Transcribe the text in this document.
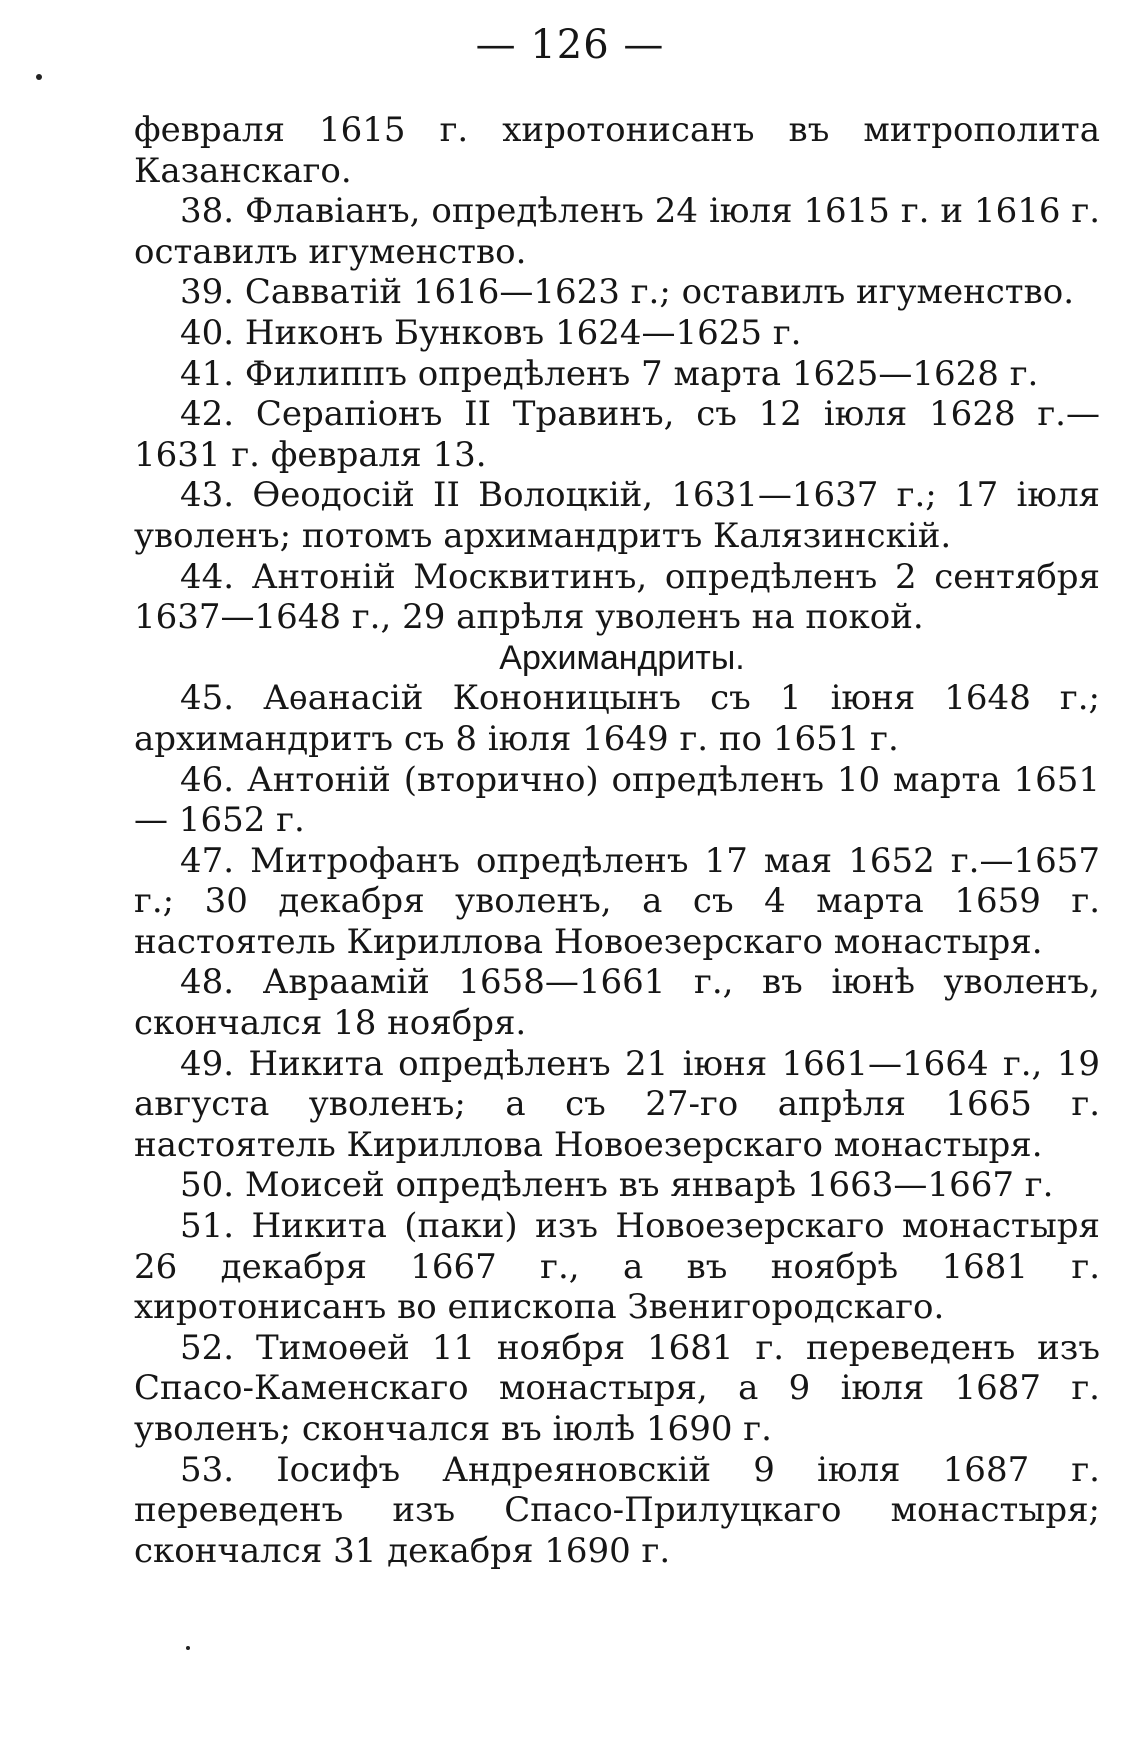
— 126 —

февраля 1615 г. хиротонисанъ въ митрополита Казанскаго.

38. Флавіанъ, опредѣленъ 24 іюля 1615 г. и 1616 г. оставилъ игуменство.

39. Савватій 1616—1623 г.; оставилъ игуменство.

40. Никонъ Бунковъ 1624—1625 г.

41. Филиппъ опредѣленъ 7 марта 1625—1628 г.

42. Серапіонъ II Травинъ, съ 12 іюля 1628 г.— 1631 г. февраля 13.

43. Ѳеодосій II Волоцкій, 1631—1637 г.; 17 іюля уволенъ; потомъ архимандритъ Калязинскій.

44. Антоній Москвитинъ, опредѣленъ 2 сентября 1637—1648 г., 29 апрѣля уволенъ на покой.

Архимандриты.

45. Аѳанасій Кононицынъ съ 1 іюня 1648 г.; архимандритъ съ 8 іюля 1649 г. по 1651 г.

46. Антоній (вторично) опредѣленъ 10 марта 1651— 1652 г.

47. Митрофанъ опредѣленъ 17 мая 1652 г.—1657 г.; 30 декабря уволенъ, а съ 4 марта 1659 г. настоятель Кириллова Новоезерскаго монастыря.

48. Авраамій 1658—1661 г., въ іюнѣ уволенъ, скончался 18 ноября.

49. Никита опредѣленъ 21 іюня 1661—1664 г., 19 августа уволенъ; а съ 27-го апрѣля 1665 г. настоятель Кириллова Новоезерскаго монастыря.

50. Моисей опредѣленъ въ январѣ 1663—1667 г.

51. Никита (паки) изъ Новоезерскаго монастыря 26 декабря 1667 г., а въ ноябрѣ 1681 г. хиротонисанъ во епископа Звенигородскаго.

52. Тимоѳей 11 ноября 1681 г. переведенъ изъ Спасо-Каменскаго монастыря, а 9 іюля 1687 г. уволенъ; скончался въ іюлѣ 1690 г.

53. Іосифъ Андреяновскій 9 іюля 1687 г. переведенъ изъ Спасо-Прилуцкаго монастыря; скончался 31 декабря 1690 г.
